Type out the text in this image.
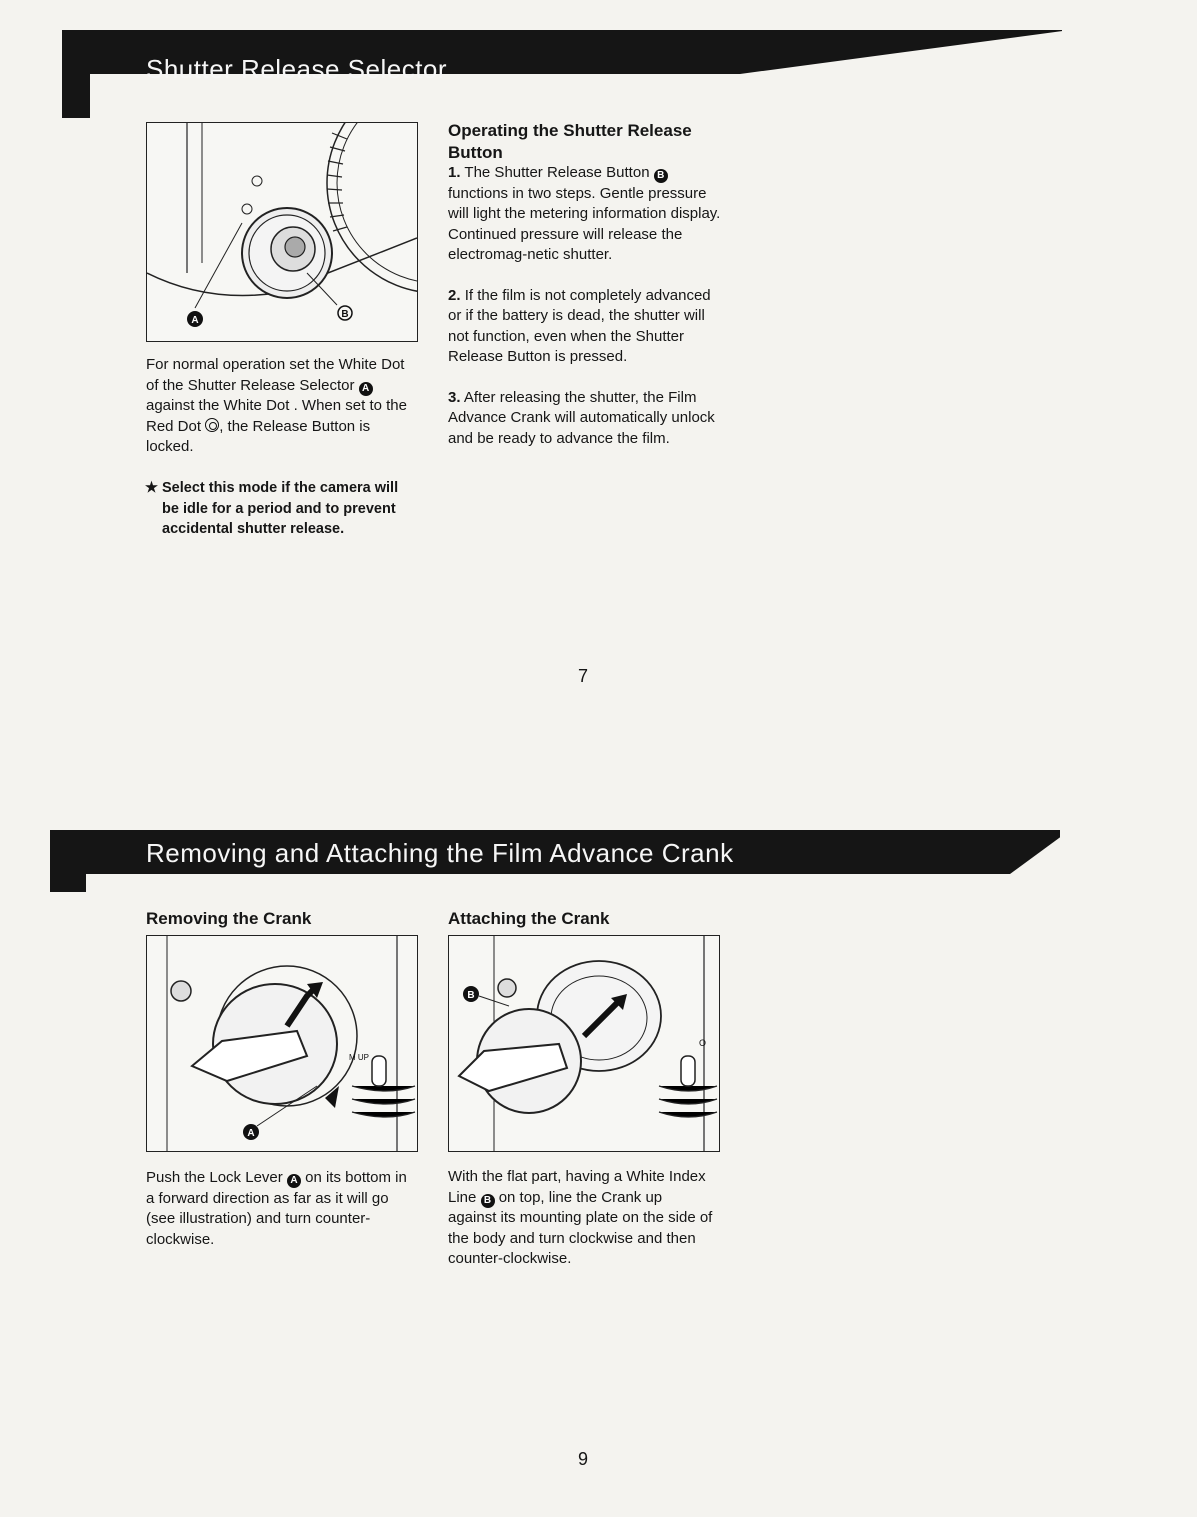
Shutter Release Selector
A
B
For normal operation set the White Dot of the Shutter Release Selector A against the White Dot . When set to the Red Dot , the Release Button is locked.
★ Select this mode if the camera will be idle for a period and to prevent accidental shutter release.
Operating the Shutter Release Button

1. The Shutter Release Button B functions in two steps. Gentle pressure will light the metering information display. Continued pressure will release the electromag-netic shutter.

2. If the film is not completely advanced or if the battery is dead, the shutter will not function, even when the Shutter Release Button is pressed.

3. After releasing the shutter, the Film Advance Crank will automatically unlock and be ready to advance the film.

7
Removing and Attaching the Film Advance Crank
Removing the Crank	Attaching the Crank
M UP
A
B
O
Push the Lock Lever A on its bottom in a forward direction as far as it will go (see illustration) and turn counter-clockwise.
With the flat part, having a White Index Line B on top, line the Crank up against its mounting plate on the side of the body and turn clockwise and then counter-clockwise.
9
